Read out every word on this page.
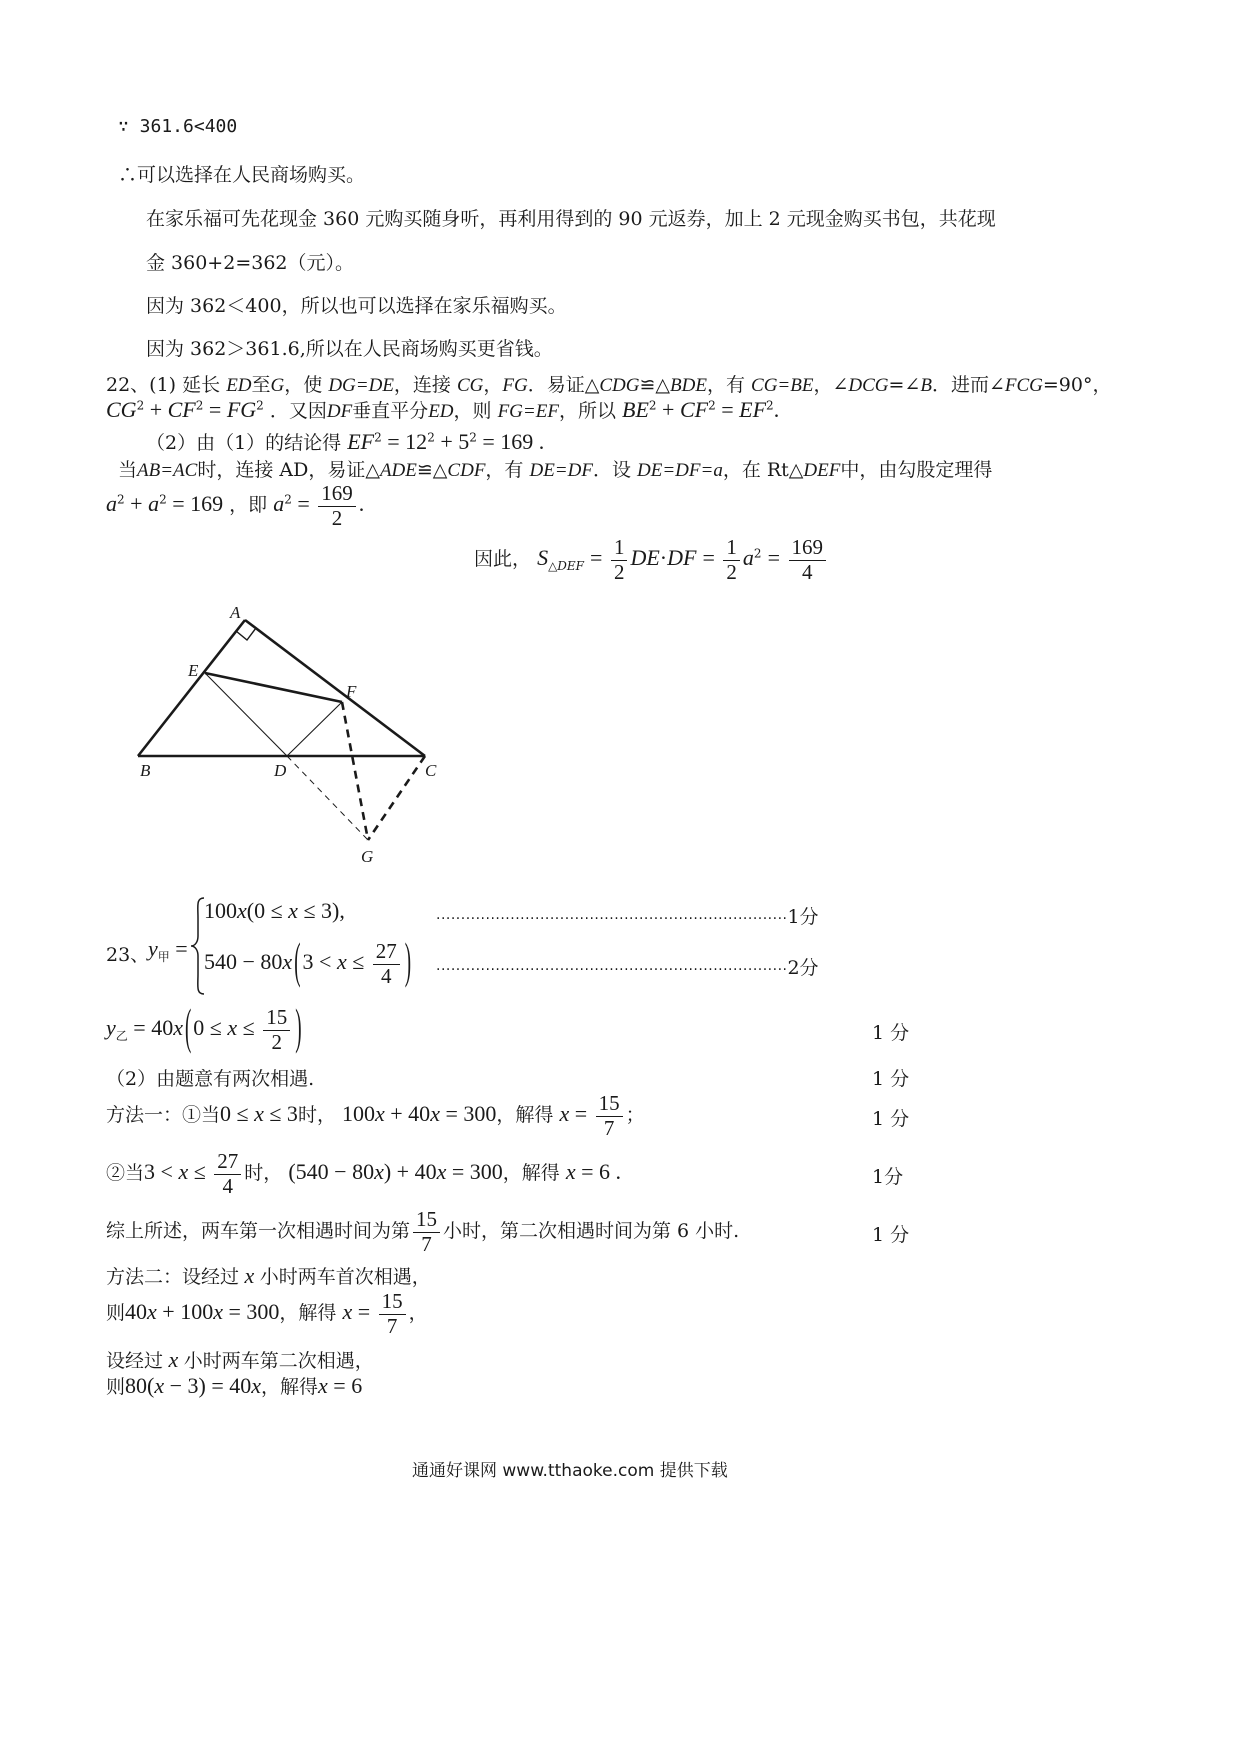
∵ 361.6<400
∴可以选择在人民商场购买。
在家乐福可先花现金 360 元购买随身听，再利用得到的 90 元返券，加上 2 元现金购买书包，共花现
金 360+2=362（元）。
因为 362＜400，所以也可以选择在家乐福购买。
因为 362＞361.6,所以在人民商场购买更省钱。
22、(1) 延长 ED至G，使 DG=DE，连接 CG，FG．易证△CDG≌△BDE，有 CG=BE，∠DCG=∠B．进而∠FCG=90°，
$CG^2 + CF^2 = FG^2$ ．又因DF垂直平分ED，则 FG=EF，所以 $BE^2 + CF^2 = EF^2$.
（2）由（1）的结论得 $EF^2 = 12^2 + 5^2 = 169$ .
当AB=AC时，连接 AD，易证△ADE≌△CDF，有 DE=DF．设 DE=DF=a，在 Rt△DEF中，由勾股定理得
$a^2 + a^2 = 169$ ，即 $a^2 = \frac{169}{2}$ .
因此， $S_{\triangle DEF} = \frac{1}{2} DE\cdot DF = \frac{1}{2} a^2 = \frac{169}{4}$
A
E
F
B	D	C
G
23、
$y_甲$ =
100x(0 ≤ x ≤ 3),
540 − 80x ($3 < x \le \frac{27}{4}$ )
·······································································1分
·······································································2分
$y_乙 = 40x$ ($0 \le x \le \frac{15}{2}$ )	1 分
（2）由题意有两次相遇.	1 分
方法一：①当0 ≤ x ≤ 3时， 100x + 40x = 300，解得 $x = \frac{15}{7}$ ；	1 分
②当$3 < x \le \frac{27}{4}$ 时， (540 − 80x) + 40x = 300，解得 x = 6 .	1分
综上所述，两车第一次相遇时间为第 $\frac{15}{7}$ 小时，第二次相遇时间为第 6 小时.	1 分
方法二：设经过 x 小时两车首次相遇，
则40x + 100x = 300，解得 $x = \frac{15}{7}$ ，
设经过 x 小时两车第二次相遇，
则80(x − 3) = 40x，解得x = 6
通通好课网 www.tthaoke.com 提供下载
